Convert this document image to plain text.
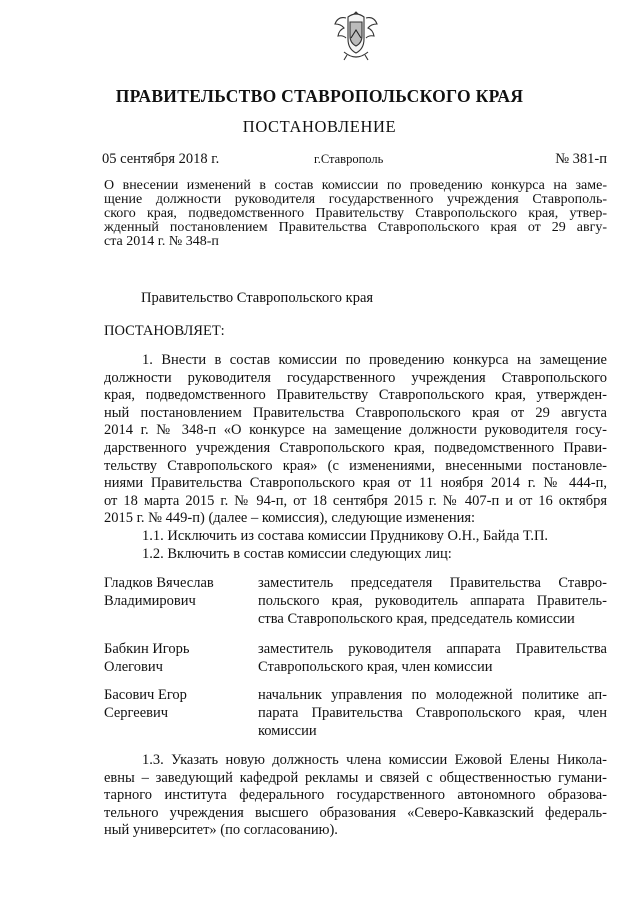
ПРАВИТЕЛЬСТВО СТАВРОПОЛЬСКОГО КРАЯ
ПОСТАНОВЛЕНИЕ
05 сентября 2018 г.	г.Ставрополь	№ 381-п

О внесении изменений в состав комиссии по проведению конкурса на заме-
щение должности руководителя государственного учреждения Ставрополь-
ского края, подведомственного Правительству Ставропольского края, утвер-
жденный постановлением Правительства Ставропольского края от 29 авгу-
ста 2014 г. № 348-п

Правительство Ставропольского края
ПОСТАНОВЛЯЕТ:

1. Внести в состав комиссии по проведению конкурса на замещение
должности руководителя государственного учреждения Ставропольского
края, подведомственного Правительству Ставропольского края, утвержден-
ный постановлением Правительства Ставропольского края от 29 августа
2014 г. № 348-п «О конкурсе на замещение должности руководителя госу-
дарственного учреждения Ставропольского края, подведомственного Прави-
тельству Ставропольского края» (с изменениями, внесенными постановле-
ниями Правительства Ставропольского края от 11 ноября 2014 г. № 444-п,
от 18 марта 2015 г. № 94-п, от 18 сентября 2015 г. № 407-п и от 16 октября
2015 г. № 449-п) (далее – комиссия), следующие изменения:
1.1. Исключить из состава комиссии Прудникову О.Н., Байда Т.П.
1.2. Включить в состав комиссии следующих лиц:

Гладков Вячеслав
Владимирович
заместитель председателя Правительства Ставро-
польского края, руководитель аппарата Правитель-
ства Ставропольского края, председатель комиссии
Бабкин Игорь
Олегович
заместитель руководителя аппарата Правительства
Ставропольского края, член комиссии
Басович Егор
Сергеевич
начальник управления по молодежной политике ап-
парата Правительства Ставропольского края, член
комиссии

1.3. Указать новую должность члена комиссии Ежовой Елены Николa-
евны – заведующий кафедрой рекламы и связей с общественностью гумани-
тарного института федерального государственного автономного образова-
тельного учреждения высшего образования «Северо-Кавказский федераль-
ный университет» (по согласованию).
